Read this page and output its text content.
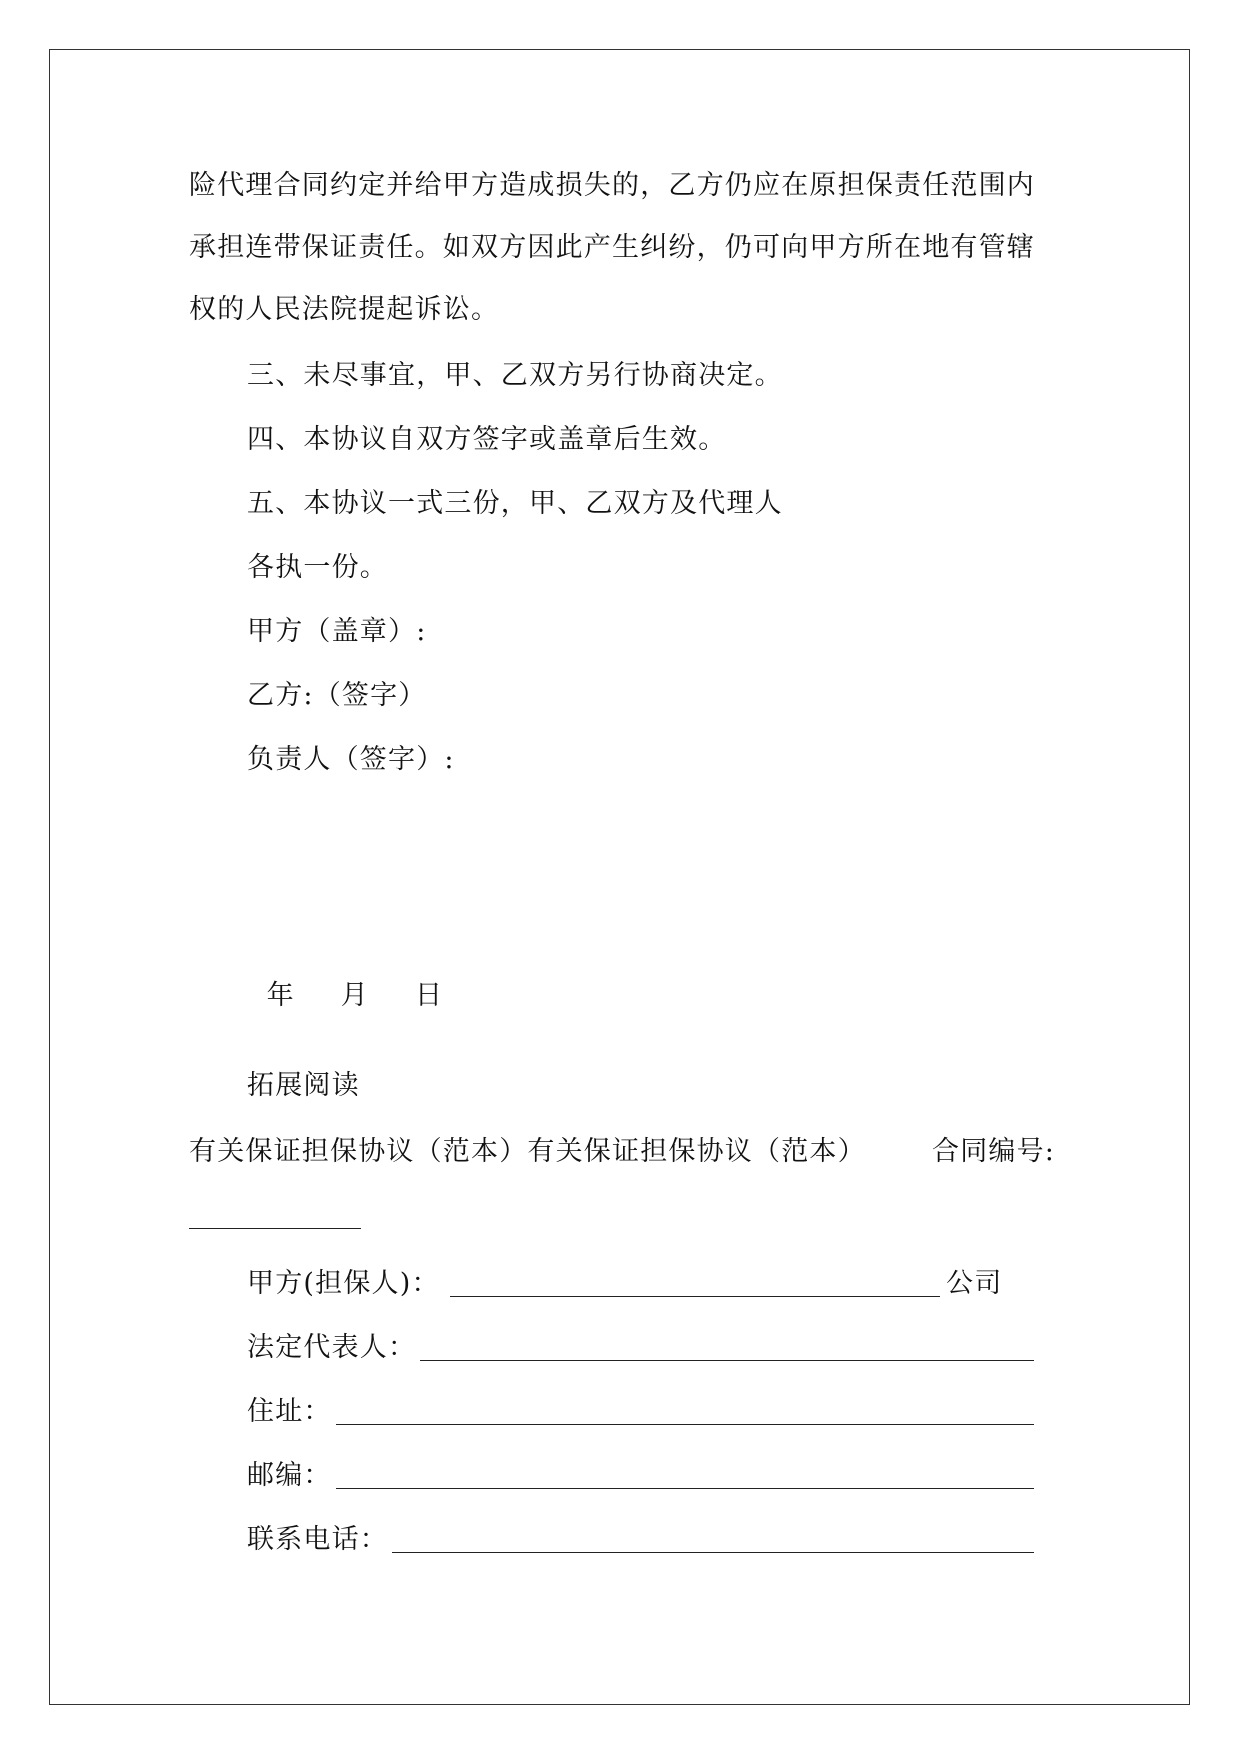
险代理合同约定并给甲方造成损失的，乙方仍应在原担保责任范围内
承担连带保证责任。如双方因此产生纠纷，仍可向甲方所在地有管辖
权的人民法院提起诉讼。
三、未尽事宜，甲、乙双方另行协商决定。
四、本协议自双方签字或盖章后生效。
五、本协议一式三份，甲、乙双方及代理人
各执一份。
甲方（盖章）:
乙方:（签字）
负责人（签字）:

年 月 日

拓展阅读
有关保证担保协议（范本）有关保证担保协议（范本） 合同编号:
甲方(担保人)：	公司
法定代表人：
住址：
邮编：
联系电话：
